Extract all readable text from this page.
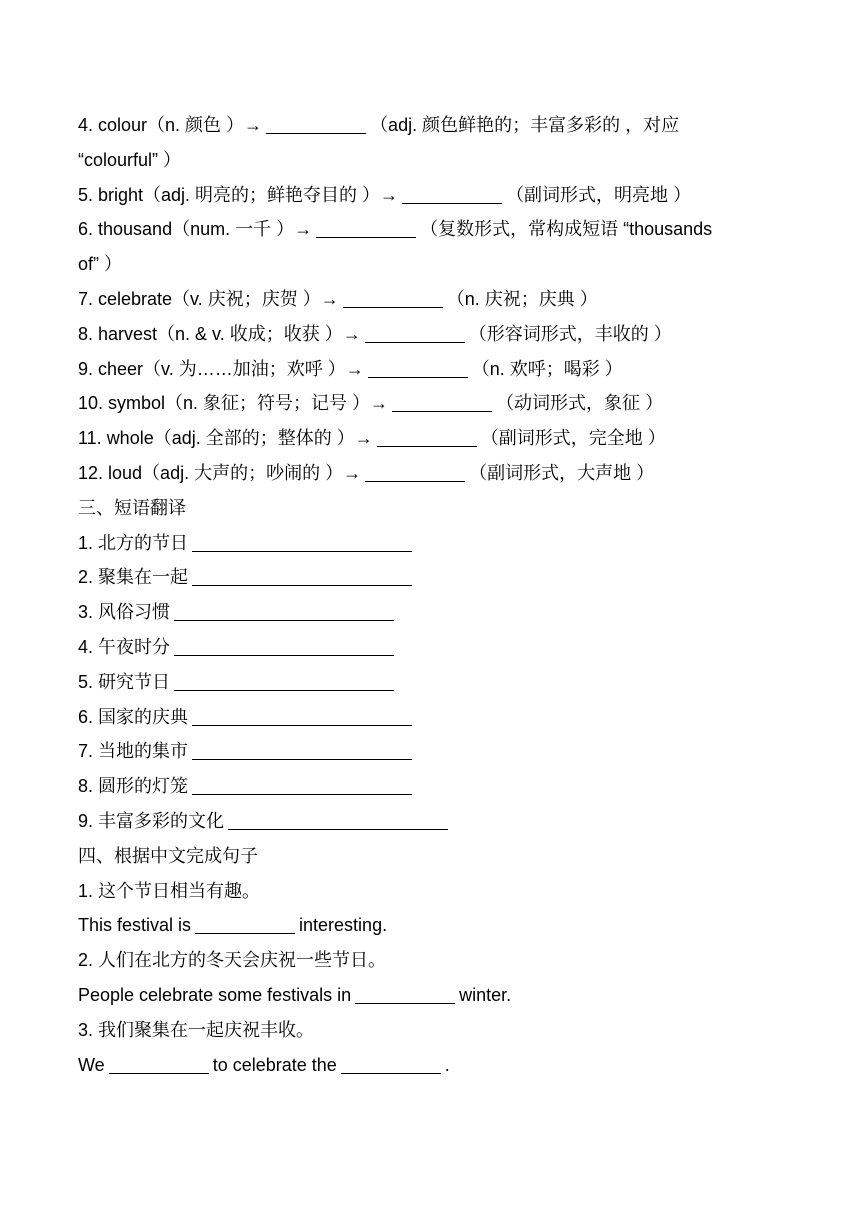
4. colour（n. 颜色 ）→	（adj. 颜色鲜艳的；丰富多彩的 ，对应
“colourful” ）
5. bright（adj. 明亮的；鲜艳夺目的 ）→	（副词形式，明亮地 ）
6. thousand（num. 一千 ）→	（复数形式，常构成短语 “thousands
of” ）
7. celebrate（v. 庆祝；庆贺 ）→	（n. 庆祝；庆典 ）
8. harvest（n. & v. 收成；收获 ）→	（形容词形式，丰收的 ）
9. cheer（v. 为……加油；欢呼 ）→	（n. 欢呼；喝彩 ）
10. symbol（n. 象征；符号；记号 ）→	（动词形式，象征 ）
11. whole（adj. 全部的；整体的 ）→	（副词形式，完全地 ）
12. loud（adj. 大声的；吵闹的 ）→	（副词形式，大声地 ）
三、短语翻译
1. 北方的节日
2. 聚集在一起
3. 风俗习惯
4. 午夜时分
5. 研究节日
6. 国家的庆典
7. 当地的集市
8. 圆形的灯笼
9. 丰富多彩的文化
四、根据中文完成句子
1. 这个节日相当有趣。
This festival is	interesting.
2. 人们在北方的冬天会庆祝一些节日。
People celebrate some festivals in	winter.
3. 我们聚集在一起庆祝丰收。
We	to celebrate the	.
